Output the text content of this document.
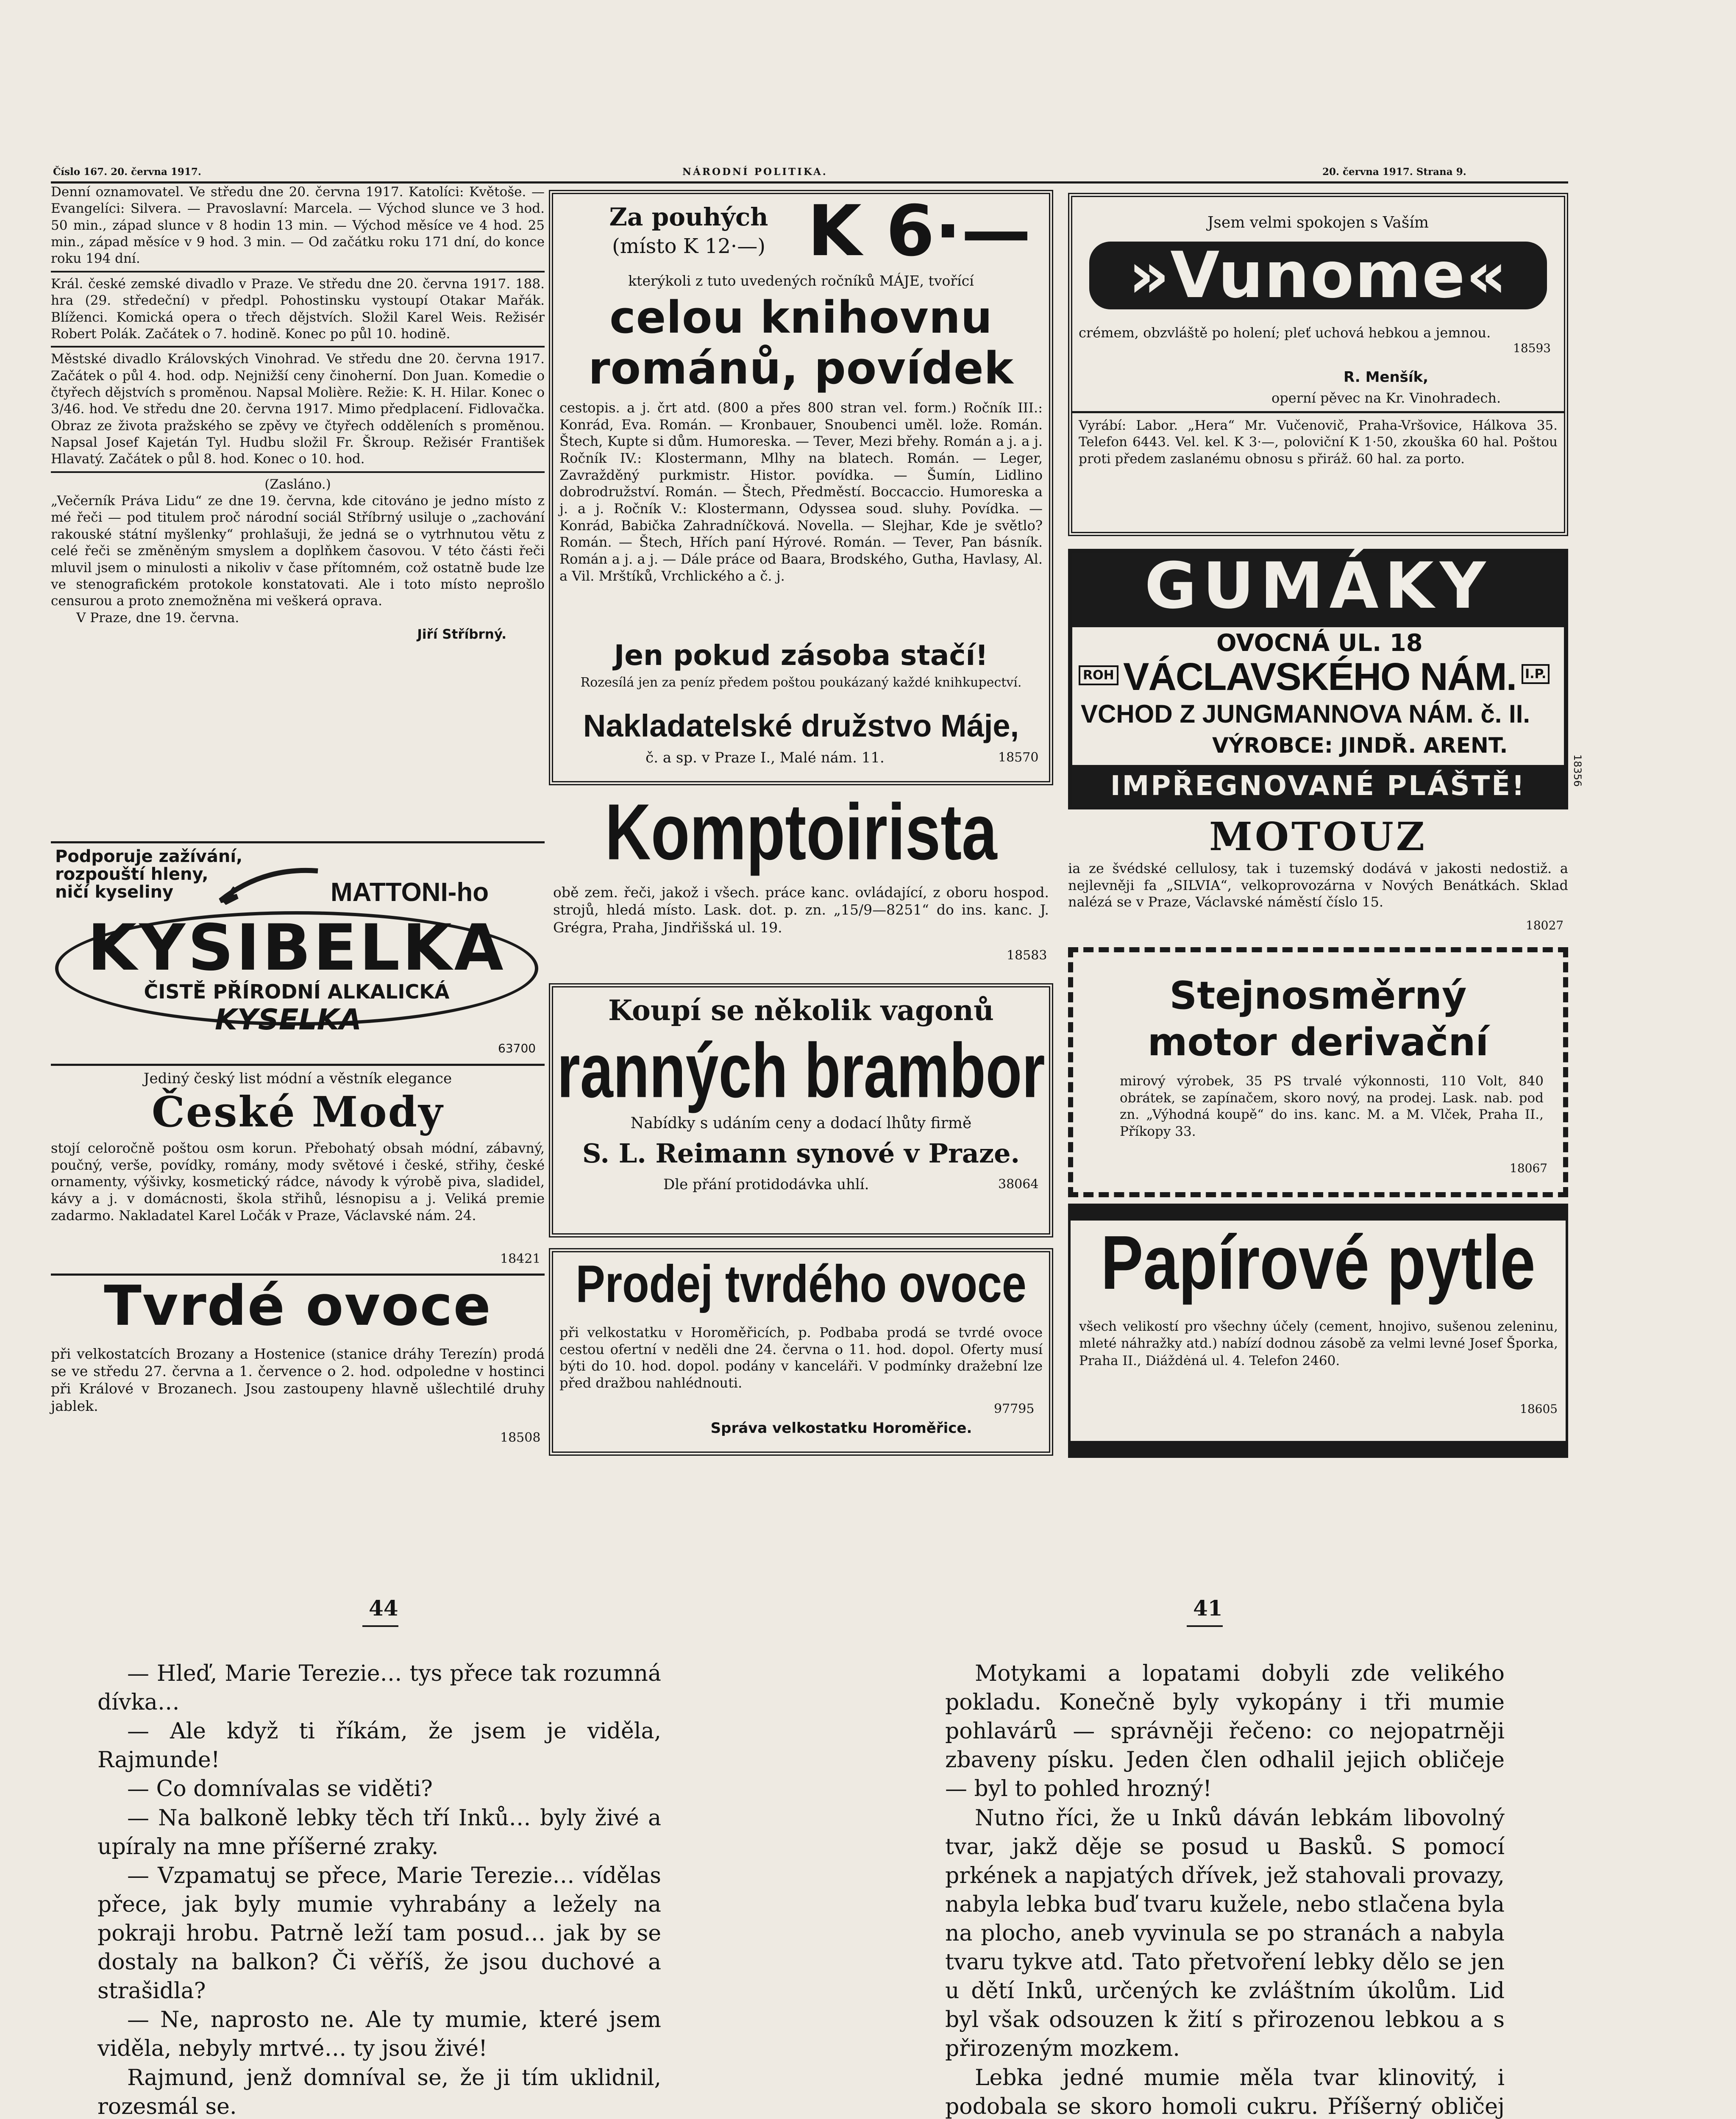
Číslo 167. 20. června 1917.	NÁRODNÍ POLITIKA.	20. června 1917. Strana 9.

Denní oznamovatel. Ve středu dne 20. června 1917. Katolíci: Květoše. — Evangelíci: Silvera. — Pravoslavní: Marcela. — Východ slunce ve 3 hod. 50 min., západ slunce v 8 hodin 13 min. — Východ měsíce ve 4 hod. 25 min., západ měsíce v 9 hod. 3 min. — Od začátku roku 171 dní, do konce roku 194 dní.

Král. české zemské divadlo v Praze. Ve středu dne 20. června 1917. 188. hra (29. středeční) v předpl. Pohostinsku vystoupí Otakar Mařák. Blíženci. Komická opera o třech dějstvích. Složil Karel Weis. Režisér Robert Polák. Začátek o 7. hodině. Konec po půl 10. hodině.

Městské divadlo Královských Vinohrad. Ve středu dne 20. června 1917. Začátek o půl 4. hod. odp. Nejnižší ceny činoherní. Don Juan. Komedie o čtyřech dějstvích s proměnou. Napsal Molière. Režie: K. H. Hilar. Konec o 3/46. hod. Ve středu dne 20. června 1917. Mimo předplacení. Fidlovačka. Obraz ze života pražského se zpěvy ve čtyřech odděleních s proměnou. Napsal Josef Kajetán Tyl. Hudbu složil Fr. Škroup. Režisér František Hlavatý. Začátek o půl 8. hod. Konec o 10. hod.

(Zasláno.)

„Večerník Práva Lidu“ ze dne 19. června, kde citováno je jedno místo z mé řeči — pod titulem proč národní sociál Stříbrný usiluje o „zachování rakouské státní myšlenky“ prohlašuji, že jedná se o vytrhnutou větu z celé řeči se změněným smyslem a doplňkem časovou. V této části řeči mluvil jsem o minulosti a nikoliv v čase přítomném, což ostatně bude lze ve stenografickém protokole konstatovati. Ale i toto místo neprošlo censurou a proto znemožněna mi veškerá oprava.

V Praze, dne 19. června.

Jiří Stříbrný.

Podporuje zažívání,
rozpouští hleny,
ničí kyseliny	MATTONI-ho
KYSIBELKA
ČISTĚ PŘÍRODNÍ ALKALICKÁ
KYSELKA
63700
Jediný český list módní a věstník elegance
České Mody
stojí celoročně poštou osm korun. Přebohatý obsah módní, zábavný, poučný, verše, povídky, romány, mody světové i české, střihy, české ornamenty, výšivky, kosmetický rádce, návody k výrobě piva, sladidel, kávy a j. v domácnosti, škola střihů, lésnopisu a j. Veliká premie zadarmo. Nakladatel Karel Ločák v Praze, Václavské nám. 24.
18421
Tvrdé ovoce
při velkostatcích Brozany a Hostenice (stanice dráhy Terezín) prodá se ve středu 27. června a 1. července o 2. hod. odpoledne v hostinci při Králové v Brozanech. Jsou zastoupeny hlavně ušlechtilé druhy jablek.
18508
Za pouhých
(místo K 12·—) K 6·—
kterýkoli z tuto uvedených ročníků MÁJE, tvořící
celou knihovnu
románů, povídek
cestopis. a j. črt atd. (800 a přes 800 stran vel. form.) Ročník III.: Konrád, Eva. Román. — Kronbauer, Snoubenci uměl. lože. Román. Štech, Kupte si dům. Humoreska. — Tever, Mezi břehy. Román a j. a j. Ročník IV.: Klostermann, Mlhy na blatech. Román. — Leger, Zavražděný purkmistr. Histor. povídka. — Šumín, Lidlino dobrodružství. Román. — Štech, Předměstí. Boccaccio. Humoreska a j. a j. Ročník V.: Klostermann, Odyssea soud. sluhy. Povídka. — Konrád, Babička Zahradníčková. Novella. — Slejhar, Kde je světlo? Román. — Štech, Hřích paní Hýrové. Román. — Tever, Pan básník. Román a j. a j. — Dále práce od Baara, Brodského, Gutha, Havlasy, Al. a Vil. Mrštíků, Vrchlického a č. j.
Jen pokud zásoba stačí!
Rozesílá jen za peníz předem poštou poukázaný každé knihkupectví.
Nakladatelské družstvo Máje,
č. a sp. v Praze I., Malé nám. 11.	18570
Komptoirista
obě zem. řeči, jakož i všech. práce kanc. ovládající, z oboru hospod. strojů, hledá místo. Lask. dot. p. zn. „15/9—8251“ do ins. kanc. J. Grégra, Praha, Jindřišská ul. 19.
18583
Koupí se několik vagonů
ranných brambor
Nabídky s udáním ceny a dodací lhůty firmě
S. L. Reimann synové v Praze.
Dle přání protidodávka uhlí.	38064
Prodej tvrdého ovoce
při velkostatku v Horoměřicích, p. Podbaba prodá se tvrdé ovoce cestou ofertní v neděli dne 24. června o 11. hod. dopol. Oferty musí býti do 10. hod. dopol. podány v kanceláři. V podmínky dražební lze před dražbou nahlédnouti.
97795
Správa velkostatku Horoměřice.
Jsem velmi spokojen s Vaším
»Vunome«
crémem, obzvláště po holení; pleť uchová hebkou a jemnou.
18593
R. Menšík,
operní pěvec na Kr. Vinohradech.
Vyrábí: Labor. „Hera“ Mr. Vučenovič, Praha-Vršovice, Hálkova 35. Telefon 6443. Vel. kel. K 3·—, poloviční K 1·50, zkouška 60 hal. Poštou proti předem zaslanému obnosu s přiráž. 60 hal. za porto.
GUMÁKY
OVOCNÁ UL. 18
ROH VÁCLAVSKÉHO NÁM. I.P.
VCHOD Z JUNGMANNOVA NÁM. č. II.
VÝROBCE: JINDŘ. ARENT.
IMPŘEGNOVANÉ PLÁŠTĚ!	18356
MOTOUZ
ia ze švédské cellulosy, tak i tuzemský dodává v jakosti nedostiž. a nejlevněji fa „SILVIA“, velkoprovozárna v Nových Benátkách. Sklad nalézá se v Praze, Václavské náměstí číslo 15.
18027
Stejnosměrný
motor derivační
mirový výrobek, 35 PS trvalé výkonnosti, 110 Volt, 840 obrátek, se zapínačem, skoro nový, na prodej. Lask. nab. pod zn. „Výhodná koupě“ do ins. kanc. M. a M. Vlček, Praha II., Příkopy 33.
18067
Papírové pytle
všech velikostí pro všechny účely (cement, hnojivo, sušenou zeleninu, mleté náhražky atd.) nabízí dodnou zásobě za velmi levné Josef Šporka, Praha II., Diáždėná ul. 4. Telefon 2460.
18605
44

— Hleď, Marie Terezie… tys přece tak rozumná dívka…

— Ale když ti říkám, že jsem je viděla, Rajmunde!

— Co domnívalas se viděti?

— Na balkoně lebky těch tří Inků… byly živé a upíraly na mne příšerné zraky.

— Vzpamatuj se přece, Marie Terezie… vídělas přece, jak byly mumie vyhrabány a ležely na pokraji hrobu. Patrně leží tam posud… jak by se dostaly na balkon? Či věříš, že jsou duchové a strašidla?

— Ne, naprosto ne. Ale ty mumie, které jsem viděla, nebyly mrtvé… ty jsou živé!

Rajmund, jenž domníval se, že ji tím uklidnil, rozesmál se.

41

Motykami a lopatami dobyli zde velikého pokladu. Konečně byly vykopány i tři mumie pohlavárů — správněji řečeno: co nejopatrněji zbaveny písku. Jeden člen odhalil jejich obličeje — byl to pohled hrozný!

Nutno říci, že u Inků dáván lebkám libovolný tvar, jakž děje se posud u Basků. S pomocí prkének a napjatých dřívek, jež stahovali provazy, nabyla lebka buď tvaru kužele, nebo stlačena byla na plocho, aneb vyvinula se po stranách a nabyla tvaru tykve atd. Tato přetvoření lebky dělo se jen u dětí Inků, určených ke zvláštním úkolům. Lid byl však odsouzen k žití s přirozenou lebkou a s přirozeným mozkem.

Lebka jedné mumie měla tvar klinovitý, i podobala se skoro homoli cukru. Příšerný obličej
